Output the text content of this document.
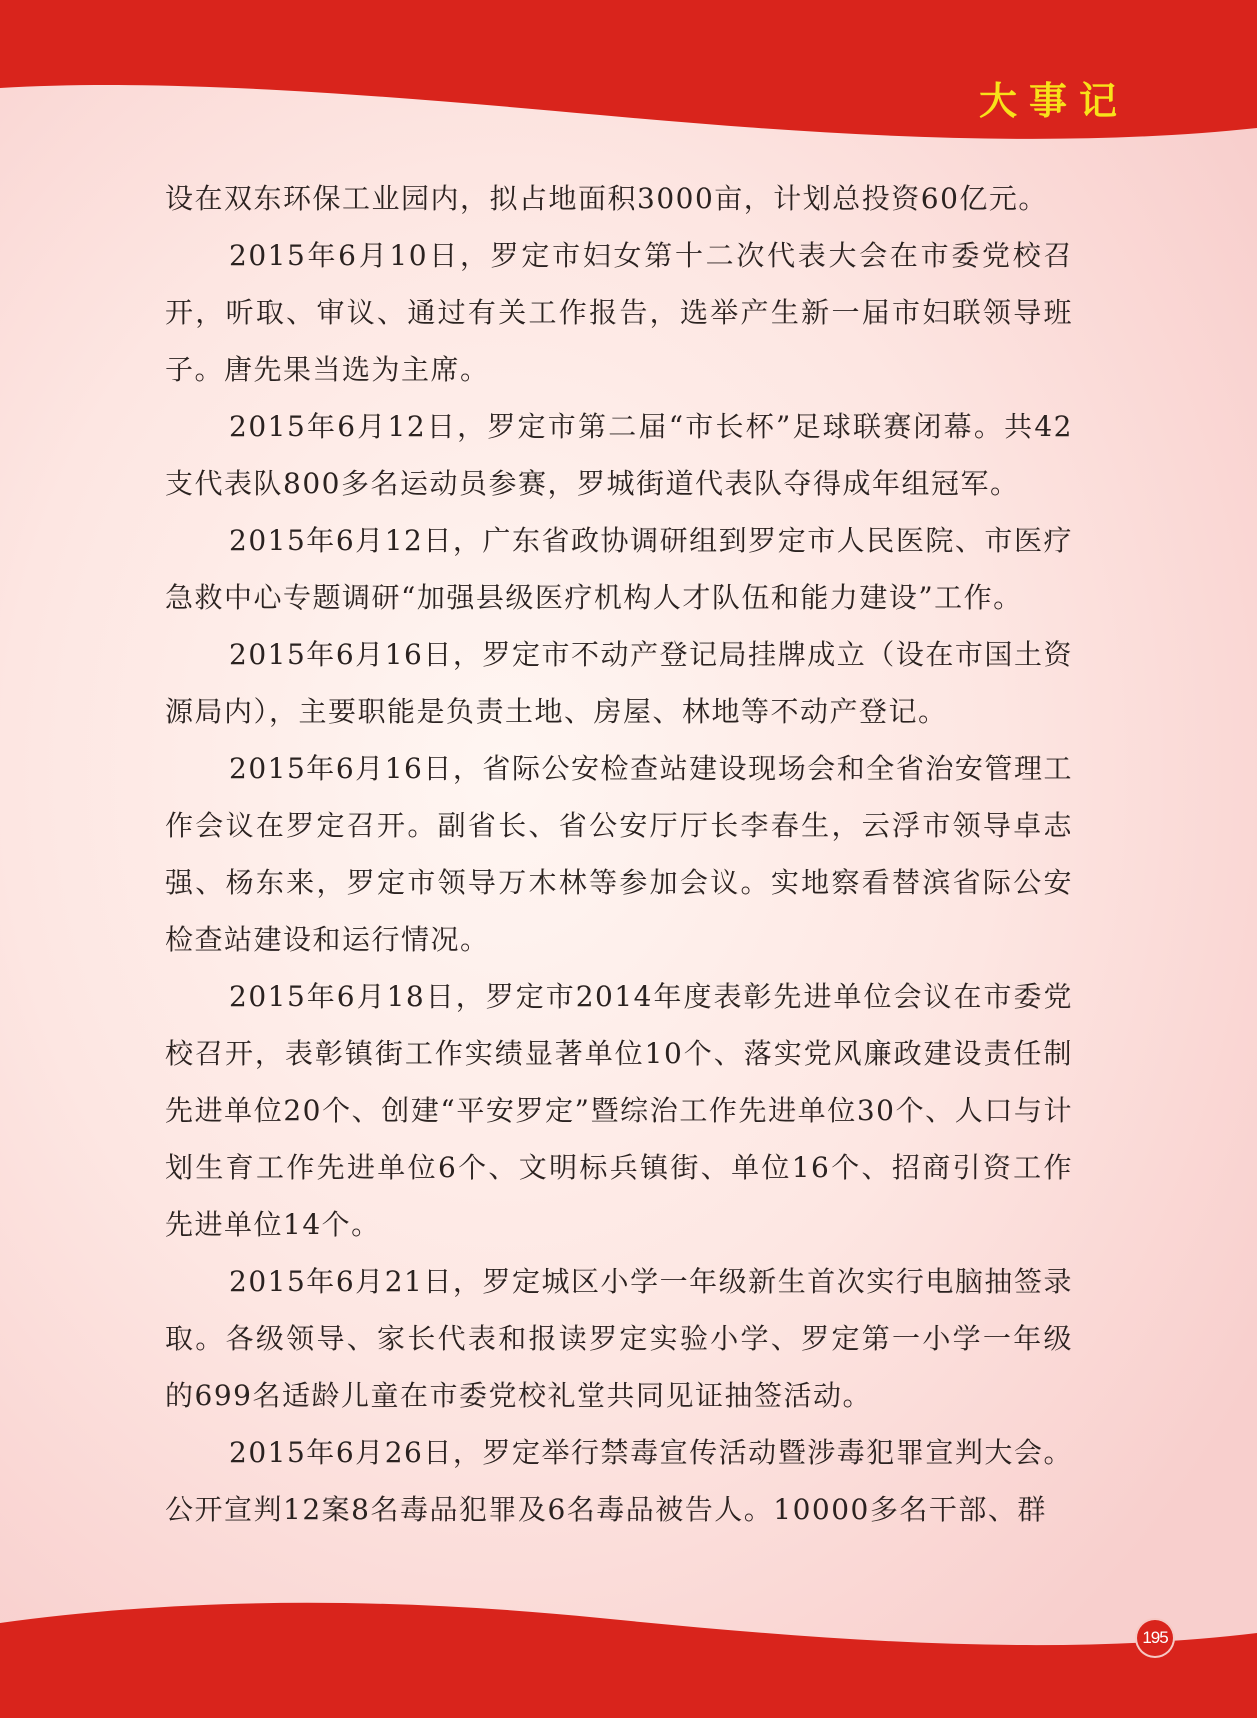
大事记

设在双东环保工业园内，拟占地面积3000亩，计划总投资60亿元。

2015年6月10日，罗定市妇女第十二次代表大会在市委党校召开，听取、审议、通过有关工作报告，选举产生新一届市妇联领导班子。唐先果当选为主席。

2015年6月12日，罗定市第二届“市长杯”足球联赛闭幕。共42支代表队800多名运动员参赛，罗城街道代表队夺得成年组冠军。

2015年6月12日，广东省政协调研组到罗定市人民医院、市医疗急救中心专题调研“加强县级医疗机构人才队伍和能力建设”工作。

2015年6月16日，罗定市不动产登记局挂牌成立（设在市国土资源局内），主要职能是负责土地、房屋、林地等不动产登记。

2015年6月16日，省际公安检查站建设现场会和全省治安管理工作会议在罗定召开。副省长、省公安厅厅长李春生，云浮市领导卓志强、杨东来，罗定市领导万木林等参加会议。实地察看替滨省际公安检查站建设和运行情况。

2015年6月18日，罗定市2014年度表彰先进单位会议在市委党校召开，表彰镇街工作实绩显著单位10个、落实党风廉政建设责任制先进单位20个、创建“平安罗定”暨综治工作先进单位30个、人口与计划生育工作先进单位6个、文明标兵镇街、单位16个、招商引资工作先进单位14个。

2015年6月21日，罗定城区小学一年级新生首次实行电脑抽签录取。各级领导、家长代表和报读罗定实验小学、罗定第一小学一年级的699名适龄儿童在市委党校礼堂共同见证抽签活动。

2015年6月26日，罗定举行禁毒宣传活动暨涉毒犯罪宣判大会。公开宣判12案8名毒品犯罪及6名毒品被告人。10000多名干部、群

195
